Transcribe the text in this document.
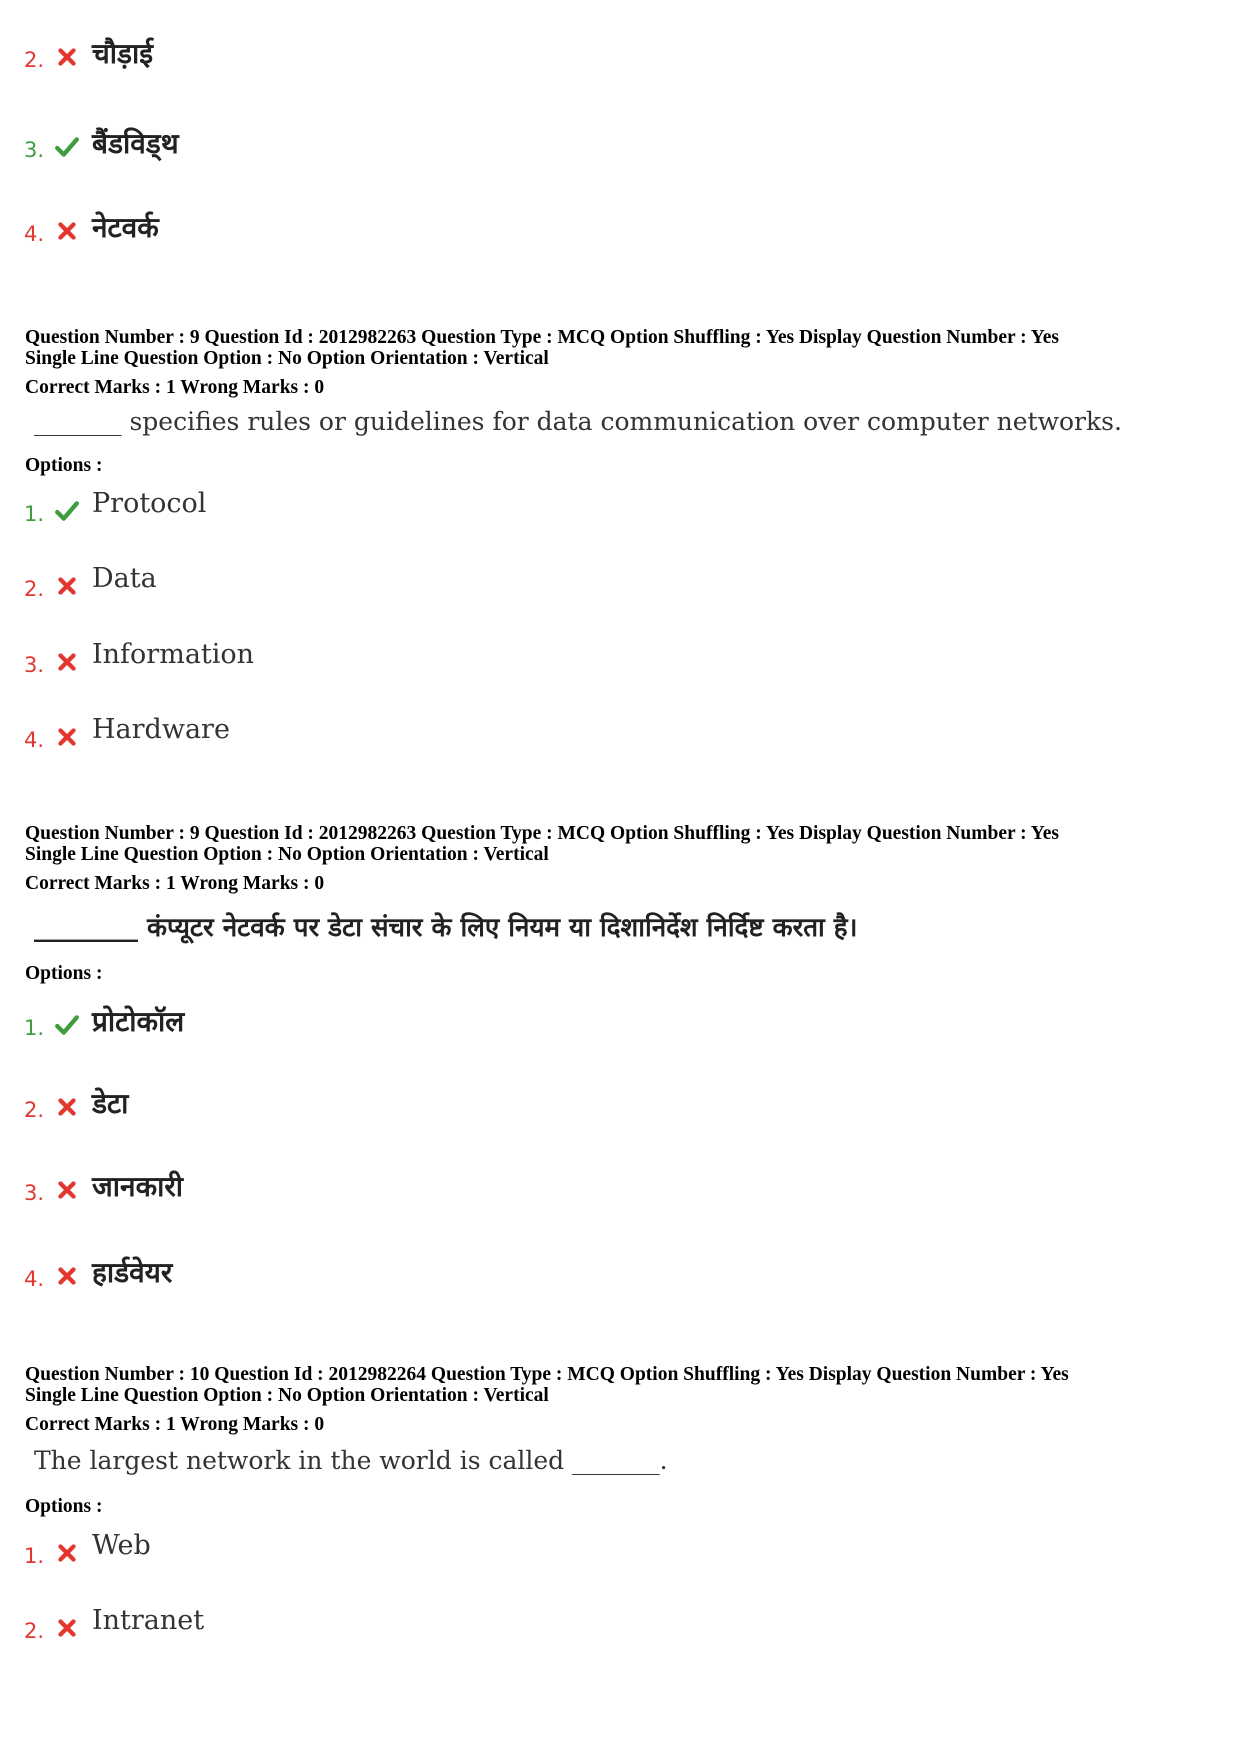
2. चौड़ाई
3. बैंडविड्थ
4. नेटवर्क
Question Number : 9 Question Id : 2012982263 Question Type : MCQ Option Shuffling : Yes Display Question Number : Yes
Single Line Question Option : No Option Orientation : Vertical
Correct Marks : 1 Wrong Marks : 0
_______ specifies rules or guidelines for data communication over computer networks.
Options :
1. Protocol
2. Data
3. Information
4. Hardware
Question Number : 9 Question Id : 2012982263 Question Type : MCQ Option Shuffling : Yes Display Question Number : Yes
Single Line Question Option : No Option Orientation : Vertical
Correct Marks : 1 Wrong Marks : 0
________ कंप्यूटर नेटवर्क पर डेटा संचार के लिए नियम या दिशानिर्देश निर्दिष्ट करता है।
Options :
1. प्रोटोकॉल
2. डेटा
3. जानकारी
4. हार्डवेयर
Question Number : 10 Question Id : 2012982264 Question Type : MCQ Option Shuffling : Yes Display Question Number : Yes
Single Line Question Option : No Option Orientation : Vertical
Correct Marks : 1 Wrong Marks : 0
The largest network in the world is called _______.
Options :
1. Web
2. Intranet
